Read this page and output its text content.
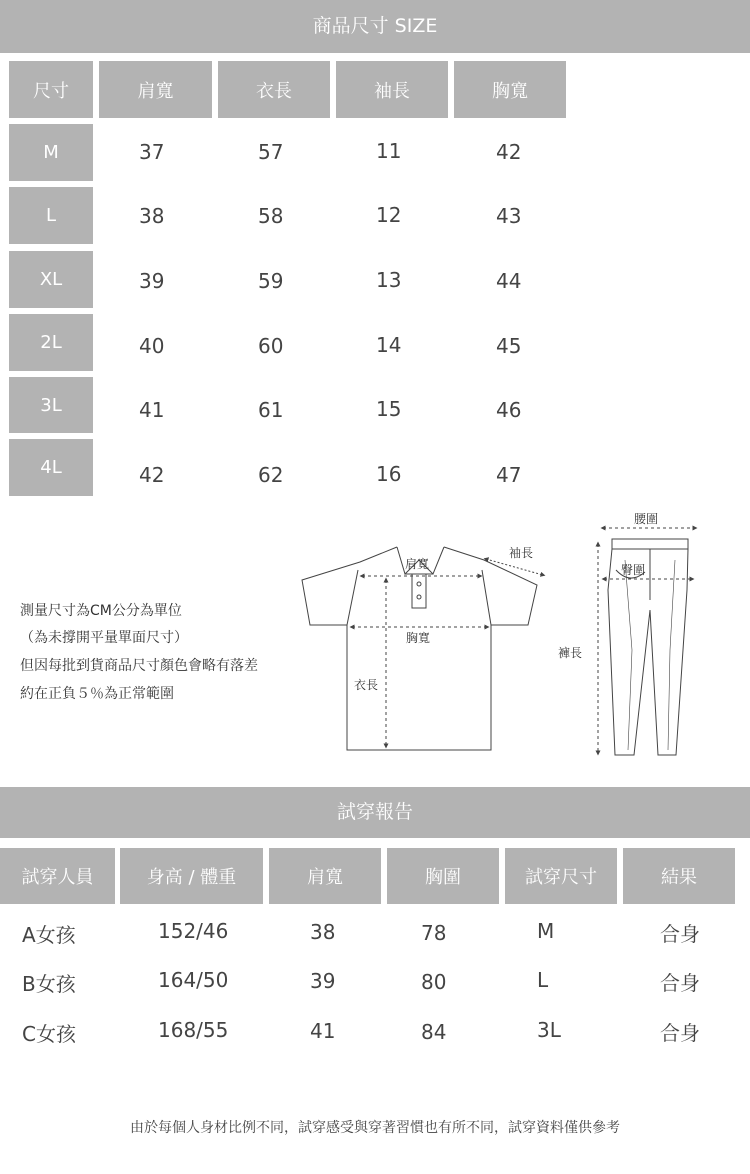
商品尺寸 SIZE
尺寸	肩寬	衣長	袖長	胸寬
M	37	57	11	42
L	38	58	12	43
XL	39	59	13	44
2L	40	60	14	45
3L	41	61	15	46
4L	42	62	16	47
測量尺寸為CM公分為單位
（為未撐開平量單面尺寸）
但因每批到貨商品尺寸顏色會略有落差
約在正負５％為正常範圍
肩寬
袖長
胸寬
衣長
腰圍
臀圍
褲長
試穿報告
試穿人員	身高 / 體重	肩寬	胸圍	試穿尺寸	結果
A女孩	152/46	38	78	M	合身
B女孩	164/50	39	80	L	合身
C女孩	168/55	41	84	3L	合身
由於每個人身材比例不同，試穿感受與穿著習慣也有所不同，試穿資料僅供參考
